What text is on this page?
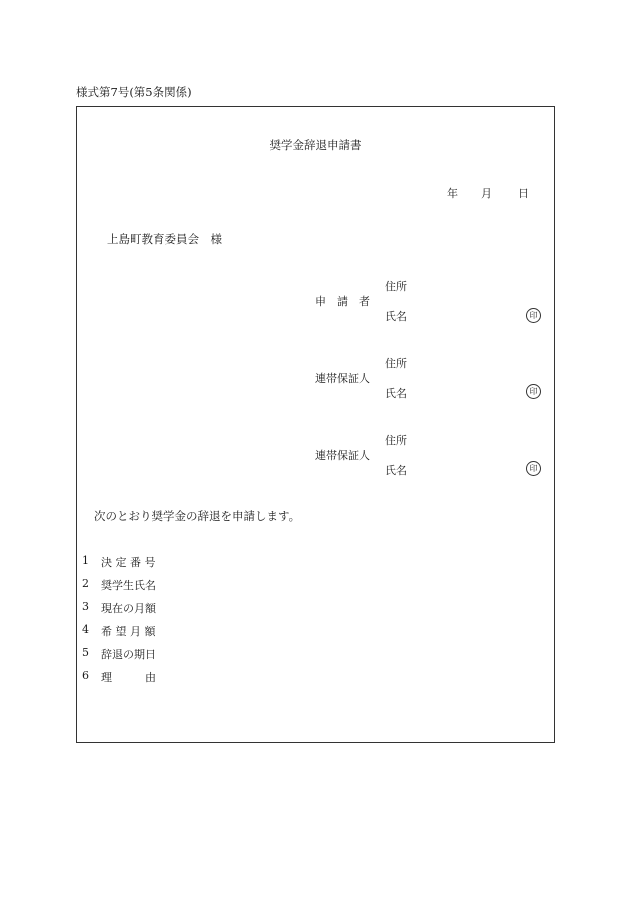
様式第7号(第5条関係)
奨学金辞退申請書
年 月 日
上島町教育委員会　様
申　請　者
住所
氏名	印
連帯保証人
住所
氏名	印
連帯保証人
住所
氏名	印
次のとおり奨学金の辞退を申請します。
1 決 定 番 号
2 奨学生氏名
3 現在の月額
4 希 望 月 額
5 辞退の期日
6 理　　　由
